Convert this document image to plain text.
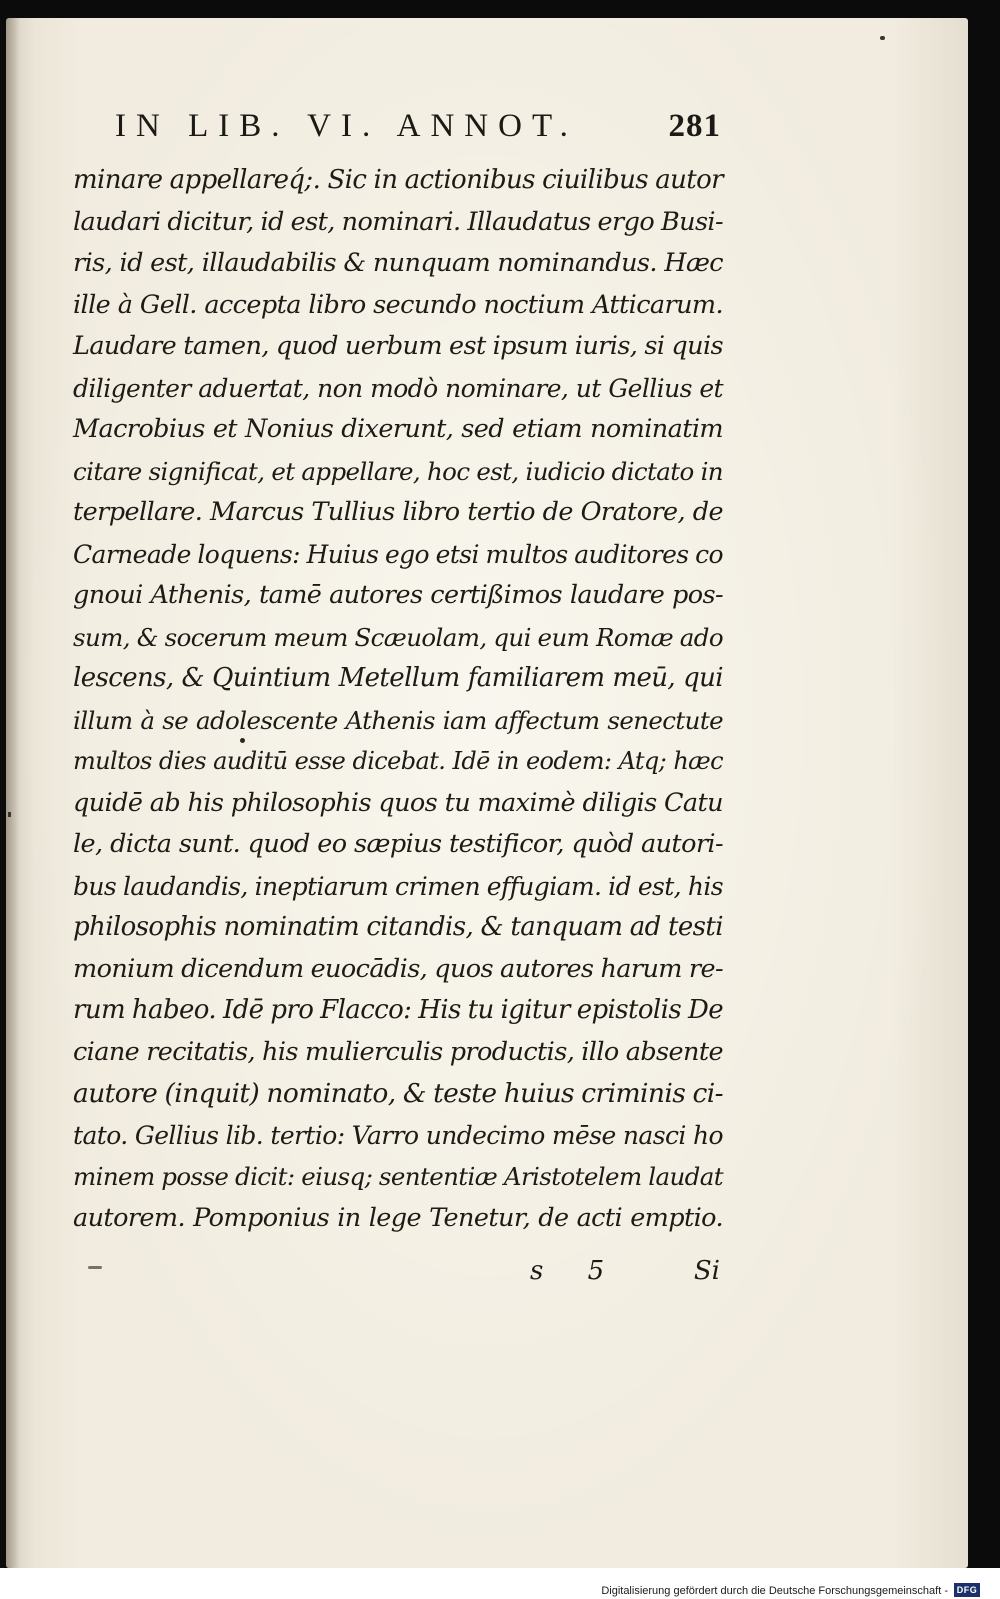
IN LIB. VI. ANNOT.	281
minare appellareq́;. Sic in actionibus ciuilibus autor
laudari dicitur, id est, nominari. Illaudatus ergo Busi-
ris, id est, illaudabilis & nunquam nominandus. Hæc
ille à Gell. accepta libro secundo noctium Atticarum.
Laudare tamen, quod uerbum est ipsum iuris, si quis
diligenter aduertat, non modò nominare, ut Gellius et
Macrobius et Nonius dixerunt, sed etiam nominatim
citare significat, et appellare, hoc est, iudicio dictato in
terpellare. Marcus Tullius libro tertio de Oratore, de
Carneade loquens: Huius ego etsi multos auditores co
gnoui Athenis, tamē autores certißimos laudare pos-
sum, & socerum meum Scæuolam, qui eum Romæ ado
lescens, & Quintium Metellum familiarem meū, qui
illum à se adolescente Athenis iam affectum senectute
multos dies auditū esse dicebat. Idē in eodem: Atq; hæc
quidē ab his philosophis quos tu maximè diligis Catu
le, dicta sunt. quod eo sæpius testificor, quòd autori-
bus laudandis, ineptiarum crimen effugiam. id est, his
philosophis nominatim citandis, & tanquam ad testi
monium dicendum euocādis, quos autores harum re-
rum habeo. Idē pro Flacco: His tu igitur epistolis De
ciane recitatis, his mulierculis productis, illo absente
autore (inquit) nominato, & teste huius criminis ci-
tato. Gellius lib. tertio: Varro undecimo mēse nasci ho
minem posse dicit: eiusq; sententiæ Aristotelem laudat
autorem. Pomponius in lege Tenetur, de acti emptio.
s 5	Si
Digitalisierung gefördert durch die Deutsche Forschungsgemeinschaft - DFG
